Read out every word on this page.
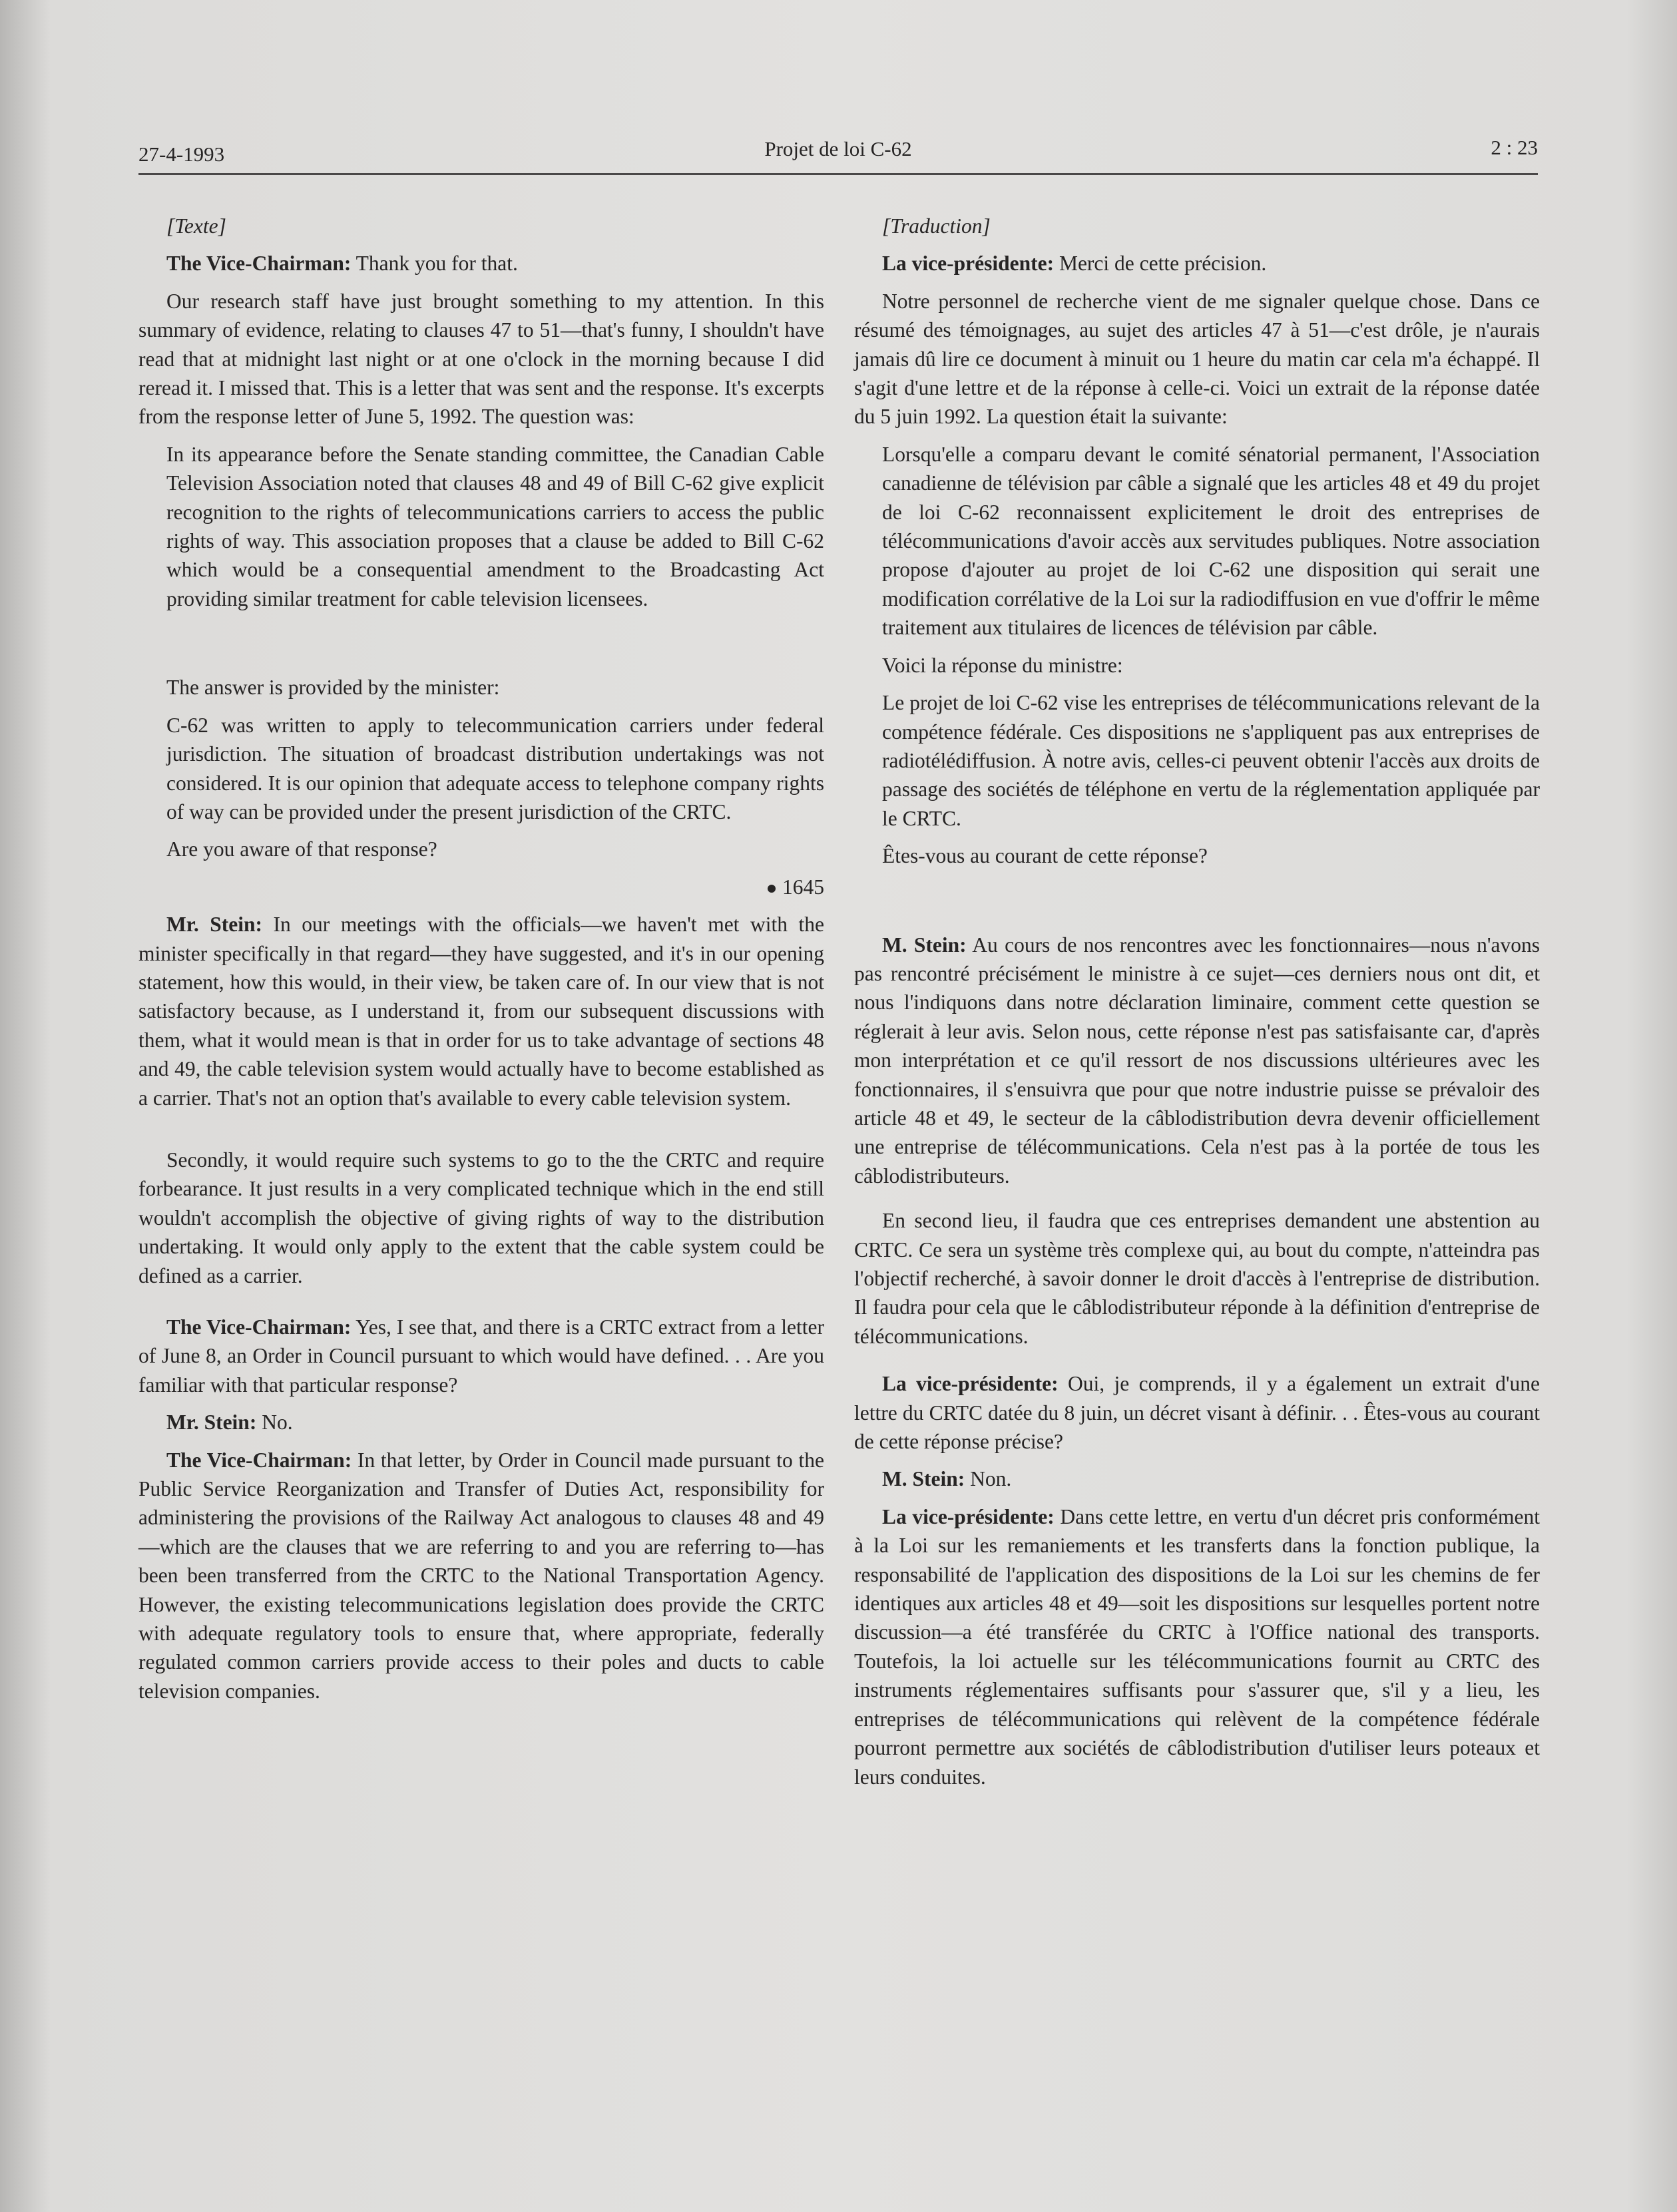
27-4-1993	Projet de loi C-62	2 : 23

[Texte]

The Vice-Chairman: Thank you for that.

Our research staff have just brought something to my attention. In this summary of evidence, relating to clauses 47 to 51—that's funny, I shouldn't have read that at midnight last night or at one o'clock in the morning because I did reread it. I missed that. This is a letter that was sent and the response. It's excerpts from the response letter of June 5, 1992. The question was:

In its appearance before the Senate standing committee, the Canadian Cable Television Association noted that clauses 48 and 49 of Bill C-62 give explicit recognition to the rights of telecommunications carriers to access the public rights of way. This association proposes that a clause be added to Bill C-62 which would be a consequential amendment to the Broadcasting Act providing similar treatment for cable television licensees.

The answer is provided by the minister:

C-62 was written to apply to telecommunication carriers under federal jurisdiction. The situation of broadcast distribution undertakings was not considered. It is our opinion that adequate access to telephone company rights of way can be provided under the present jurisdiction of the CRTC.

Are you aware of that response?

1645

Mr. Stein: In our meetings with the officials—we haven't met with the minister specifically in that regard—they have suggested, and it's in our opening statement, how this would, in their view, be taken care of. In our view that is not satisfactory because, as I understand it, from our subsequent discussions with them, what it would mean is that in order for us to take advantage of sections 48 and 49, the cable television system would actually have to become established as a carrier. That's not an option that's available to every cable television system.

Secondly, it would require such systems to go to the the CRTC and require forbearance. It just results in a very complicated technique which in the end still wouldn't accomplish the objective of giving rights of way to the distribution undertaking. It would only apply to the extent that the cable system could be defined as a carrier.

The Vice-Chairman: Yes, I see that, and there is a CRTC extract from a letter of June 8, an Order in Council pursuant to which would have defined. . . Are you familiar with that particular response?

Mr. Stein: No.

The Vice-Chairman: In that letter, by Order in Council made pursuant to the Public Service Reorganization and Transfer of Duties Act, responsibility for administering the provisions of the Railway Act analogous to clauses 48 and 49—which are the clauses that we are referring to and you are referring to—has been been transferred from the CRTC to the National Transportation Agency. However, the existing telecommunications legislation does provide the CRTC with adequate regulatory tools to ensure that, where appropriate, federally regulated common carriers provide access to their poles and ducts to cable television companies.

[Traduction]

La vice-présidente: Merci de cette précision.

Notre personnel de recherche vient de me signaler quelque chose. Dans ce résumé des témoignages, au sujet des articles 47 à 51—c'est drôle, je n'aurais jamais dû lire ce document à minuit ou 1 heure du matin car cela m'a échappé. Il s'agit d'une lettre et de la réponse à celle-ci. Voici un extrait de la réponse datée du 5 juin 1992. La question était la suivante:

Lorsqu'elle a comparu devant le comité sénatorial permanent, l'Association canadienne de télévision par câble a signalé que les articles 48 et 49 du projet de loi C-62 reconnaissent explicitement le droit des entreprises de télécommunications d'avoir accès aux servitudes publiques. Notre association propose d'ajouter au projet de loi C-62 une disposition qui serait une modification corrélative de la Loi sur la radiodiffusion en vue d'offrir le même traitement aux titulaires de licences de télévision par câble.

Voici la réponse du ministre:

Le projet de loi C-62 vise les entreprises de télécommunications relevant de la compétence fédérale. Ces dispositions ne s'appliquent pas aux entreprises de radiotélédiffusion. À notre avis, celles-ci peuvent obtenir l'accès aux droits de passage des sociétés de téléphone en vertu de la réglementation appliquée par le CRTC.

Êtes-vous au courant de cette réponse?

M. Stein: Au cours de nos rencontres avec les fonctionnaires—nous n'avons pas rencontré précisément le ministre à ce sujet—ces derniers nous ont dit, et nous l'indiquons dans notre déclaration liminaire, comment cette question se réglerait à leur avis. Selon nous, cette réponse n'est pas satisfaisante car, d'après mon interprétation et ce qu'il ressort de nos discussions ultérieures avec les fonctionnaires, il s'ensuivra que pour que notre industrie puisse se prévaloir des article 48 et 49, le secteur de la câblodistribution devra devenir officiellement une entreprise de télécommunications. Cela n'est pas à la portée de tous les câblodistributeurs.

En second lieu, il faudra que ces entreprises demandent une abstention au CRTC. Ce sera un système très complexe qui, au bout du compte, n'atteindra pas l'objectif recherché, à savoir donner le droit d'accès à l'entreprise de distribution. Il faudra pour cela que le câblodistributeur réponde à la définition d'entreprise de télécommunications.

La vice-présidente: Oui, je comprends, il y a également un extrait d'une lettre du CRTC datée du 8 juin, un décret visant à définir. . . Êtes-vous au courant de cette réponse précise?

M. Stein: Non.

La vice-présidente: Dans cette lettre, en vertu d'un décret pris conformément à la Loi sur les remaniements et les transferts dans la fonction publique, la responsabilité de l'application des dispositions de la Loi sur les chemins de fer identiques aux articles 48 et 49—soit les dispositions sur lesquelles portent notre discussion—a été transférée du CRTC à l'Office national des transports. Toutefois, la loi actuelle sur les télécommunications fournit au CRTC des instruments réglementaires suffisants pour s'assurer que, s'il y a lieu, les entreprises de télécommunications qui relèvent de la compétence fédérale pourront permettre aux sociétés de câblodistribution d'utiliser leurs poteaux et leurs conduites.
